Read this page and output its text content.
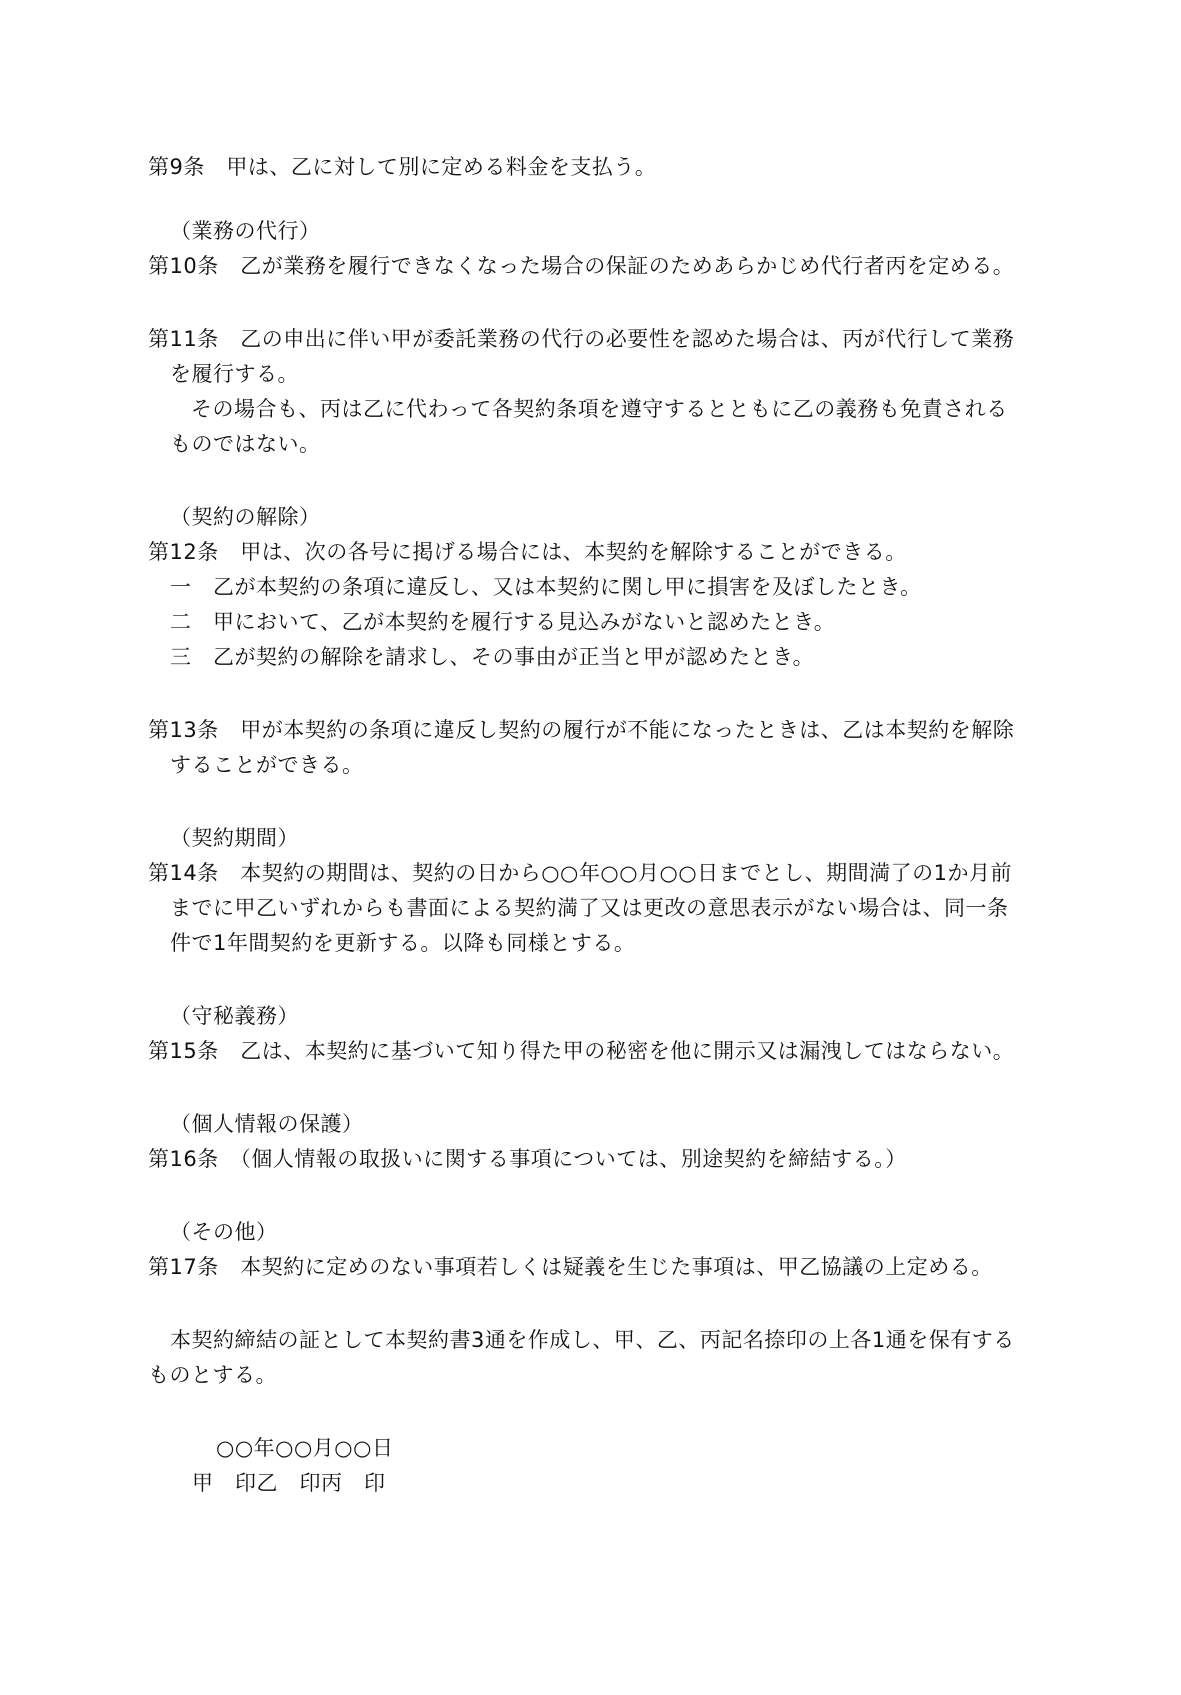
第9条　甲は、乙に対して別に定める料金を支払う。
（業務の代行）
第10条　乙が業務を履行できなくなった場合の保証のためあらかじめ代行者丙を定める。
第11条　乙の申出に伴い甲が委託業務の代行の必要性を認めた場合は、丙が代行して業務
を履行する。
その場合も、丙は乙に代わって各契約条項を遵守するとともに乙の義務も免責される
ものではない。
（契約の解除）
第12条　甲は、次の各号に掲げる場合には、本契約を解除することができる。
一　乙が本契約の条項に違反し、又は本契約に関し甲に損害を及ぼしたとき。
二　甲において、乙が本契約を履行する見込みがないと認めたとき。
三　乙が契約の解除を請求し、その事由が正当と甲が認めたとき。
第13条　甲が本契約の条項に違反し契約の履行が不能になったときは、乙は本契約を解除
することができる。
（契約期間）
第14条　本契約の期間は、契約の日から○○年○○月○○日までとし、期間満了の1か月前
までに甲乙いずれからも書面による契約満了又は更改の意思表示がない場合は、同一条
件で1年間契約を更新する。以降も同様とする。
（守秘義務）
第15条　乙は、本契約に基づいて知り得た甲の秘密を他に開示又は漏洩してはならない。
（個人情報の保護）
第16条　（個人情報の取扱いに関する事項については、別途契約を締結する。）
（その他）
第17条　本契約に定めのない事項若しくは疑義を生じた事項は、甲乙協議の上定める。
本契約締結の証として本契約書3通を作成し、甲、乙、丙記名捺印の上各1通を保有する
ものとする。
○○年○○月○○日
甲　印乙　印丙　印
